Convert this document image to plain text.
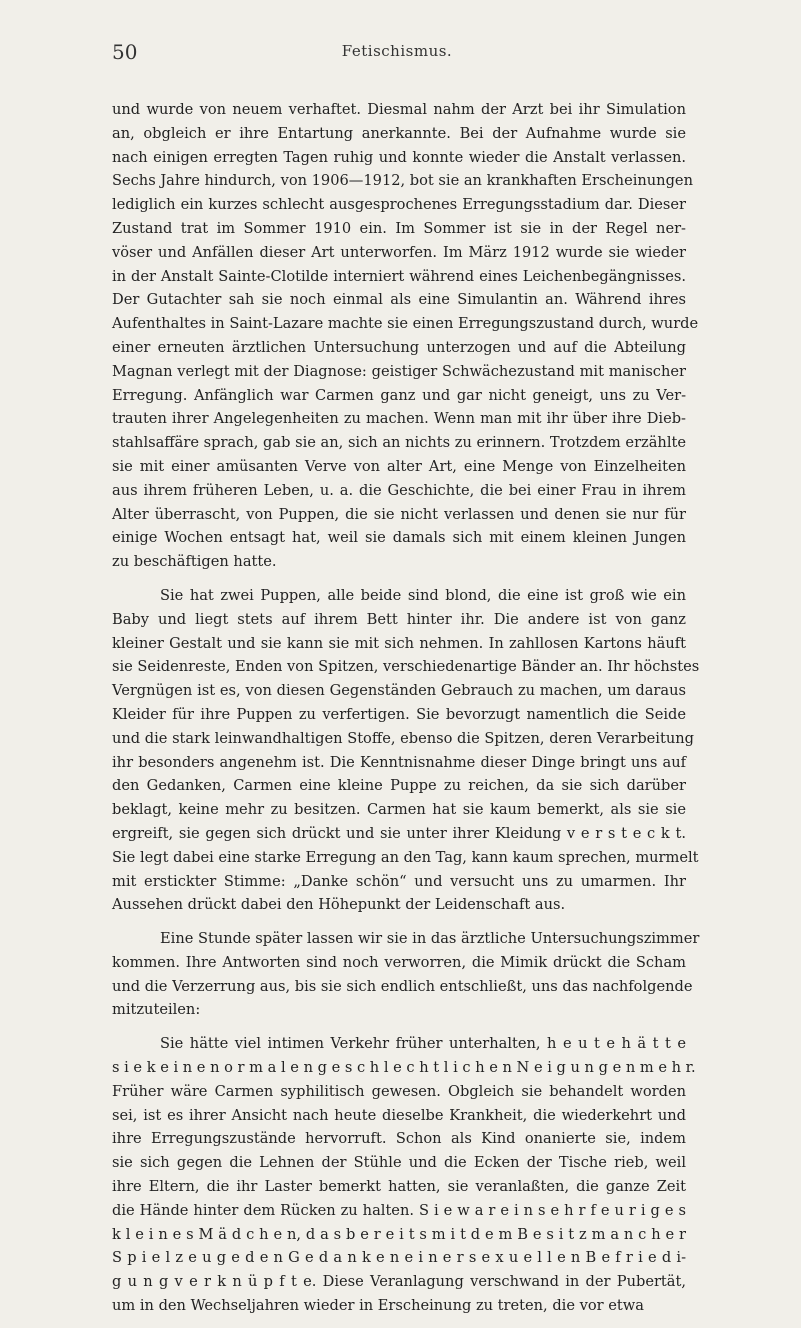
50	Fetischismus.
und wurde von neuem verhaftet. Diesmal nahm der Arzt bei ihr Simulation
an, obgleich er ihre Entartung anerkannte. Bei der Aufnahme wurde sie
nach einigen erregten Tagen ruhig und konnte wieder die Anstalt verlassen.
Sechs Jahre hindurch, von 1906—1912, bot sie an krankhaften Erscheinungen
lediglich ein kurzes schlecht ausgesprochenes Erregungsstadium dar. Dieser
Zustand trat im Sommer 1910 ein. Im Sommer ist sie in der Regel ner-
vöser und Anfällen dieser Art unterworfen. Im März 1912 wurde sie wieder
in der Anstalt Sainte-Clotilde interniert während eines Leichenbegängnisses.
Der Gutachter sah sie noch einmal als eine Simulantin an. Während ihres
Aufenthaltes in Saint-Lazare machte sie einen Erregungszustand durch, wurde
einer erneuten ärztlichen Untersuchung unterzogen und auf die Abteilung
Magnan verlegt mit der Diagnose: geistiger Schwächezustand mit manischer
Erregung. Anfänglich war Carmen ganz und gar nicht geneigt, uns zu Ver-
trauten ihrer Angelegenheiten zu machen. Wenn man mit ihr über ihre Dieb-
stahlsaffäre sprach, gab sie an, sich an nichts zu erinnern. Trotzdem erzählte
sie mit einer amüsanten Verve von alter Art, eine Menge von Einzelheiten
aus ihrem früheren Leben, u. a. die Geschichte, die bei einer Frau in ihrem
Alter überrascht, von Puppen, die sie nicht verlassen und denen sie nur für
einige Wochen entsagt hat, weil sie damals sich mit einem kleinen Jungen
zu beschäftigen hatte.
Sie hat zwei Puppen, alle beide sind blond, die eine ist groß wie ein
Baby und liegt stets auf ihrem Bett hinter ihr. Die andere ist von ganz
kleiner Gestalt und sie kann sie mit sich nehmen. In zahllosen Kartons häuft
sie Seidenreste, Enden von Spitzen, verschiedenartige Bänder an. Ihr höchstes
Vergnügen ist es, von diesen Gegenständen Gebrauch zu machen, um daraus
Kleider für ihre Puppen zu verfertigen. Sie bevorzugt namentlich die Seide
und die stark leinwandhaltigen Stoffe, ebenso die Spitzen, deren Verarbeitung
ihr besonders angenehm ist. Die Kenntnisnahme dieser Dinge bringt uns auf
den Gedanken, Carmen eine kleine Puppe zu reichen, da sie sich darüber
beklagt, keine mehr zu besitzen. Carmen hat sie kaum bemerkt, als sie sie
ergreift, sie gegen sich drückt und sie unter ihrer Kleidung v e r s t e c k t.
Sie legt dabei eine starke Erregung an den Tag, kann kaum sprechen, murmelt
mit erstickter Stimme: „Danke schön“ und versucht uns zu umarmen. Ihr
Aussehen drückt dabei den Höhepunkt der Leidenschaft aus.
Eine Stunde später lassen wir sie in das ärztliche Untersuchungszimmer
kommen. Ihre Antworten sind noch verworren, die Mimik drückt die Scham
und die Verzerrung aus, bis sie sich endlich entschließt, uns das nachfolgende
mitzuteilen:
Sie hätte viel intimen Verkehr früher unterhalten, h e u t e h ä t t e
s i e k e i n e n o r m a l e n g e s c h l e c h t l i c h e n N e i g u n g e n m e h r.
Früher wäre Carmen syphilitisch gewesen. Obgleich sie behandelt worden
sei, ist es ihrer Ansicht nach heute dieselbe Krankheit, die wiederkehrt und
ihre Erregungszustände hervorruft. Schon als Kind onanierte sie, indem
sie sich gegen die Lehnen der Stühle und die Ecken der Tische rieb, weil
ihre Eltern, die ihr Laster bemerkt hatten, sie veranlaßten, die ganze Zeit
die Hände hinter dem Rücken zu halten. S i e w a r e i n s e h r f e u r i g e s
k l e i n e s M ä d c h e n, d a s b e r e i t s m i t d e m B e s i t z m a n c h e r
S p i e l z e u g e d e n G e d a n k e n e i n e r s e x u e l l e n B e f r i e d i-
g u n g v e r k n ü p f t e. Diese Veranlagung verschwand in der Pubertät,
um in den Wechseljahren wieder in Erscheinung zu treten, die vor etwa
